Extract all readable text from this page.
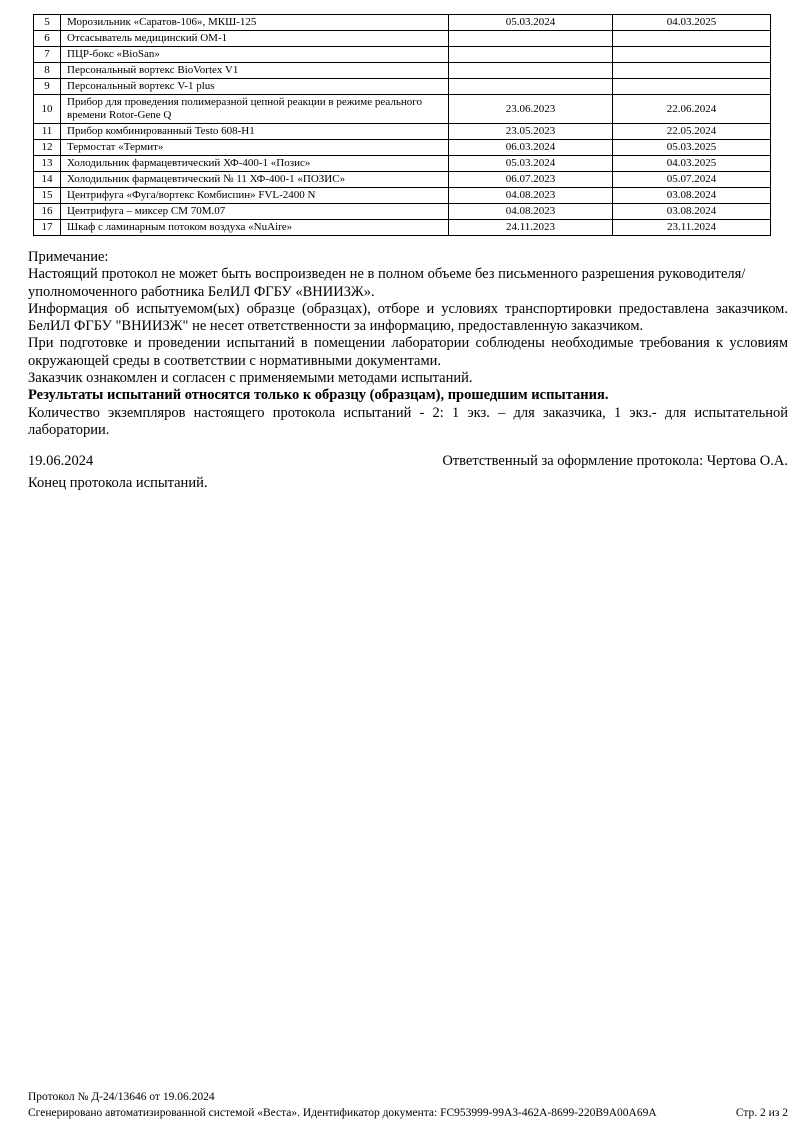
5	Морозильник «Саратов-106», МКШ-125	05.03.2024	04.03.2025
6	Отсасыватель медицинский ОМ-1		
7	ПЦР-бокс «BioSan»		
8	Персональный вортекс BioVortex V1		
9	Персональный вортекс V-1 plus		
10	Прибор для проведения полимеразной цепной реакции в режиме реального времени Rotor-Gene Q	23.06.2023	22.06.2024
11	Прибор комбинированный Testo 608-H1	23.05.2023	22.05.2024
12	Термостат «Термит»	06.03.2024	05.03.2025
13	Холодильник фармацевтический ХФ-400-1 «Позис»	05.03.2024	04.03.2025
14	Холодильник фармацевтический № 11 ХФ-400-1 «ПОЗИС»	06.07.2023	05.07.2024
15	Центрифуга «Фуга/вортекс Комбиспин» FVL-2400 N	04.08.2023	03.08.2024
16	Центрифуга – миксер СМ 70М.07	04.08.2023	03.08.2024
17	Шкаф с ламинарным потоком воздуха «NuAire»	24.11.2023	23.11.2024

Примечание:

Настоящий протокол не может быть воспроизведен не в полном объеме без письменного разрешения руководителя/уполномоченного работника БелИЛ ФГБУ «ВНИИЗЖ».

Информация об испытуемом(ых) образце (образцах), отборе и условиях транспортировки предоставлена заказчиком. БелИЛ ФГБУ "ВНИИЗЖ" не несет ответственности за информацию, предоставленную заказчиком.

При подготовке и проведении испытаний в помещении лаборатории соблюдены необходимые требования к условиям окружающей среды в соответствии с нормативными документами.

Заказчик ознакомлен и согласен с применяемыми методами испытаний.

Результаты испытаний относятся только к образцу (образцам), прошедшим испытания.

Количество экземпляров настоящего протокола испытаний - 2: 1 экз. – для заказчика, 1 экз.- для испытательной лаборатории.

19.06.2024	Ответственный за оформление протокола: Чертова О.А.

Конец протокола испытаний.

Протокол № Д-24/13646 от 19.06.2024
Сгенерировано автоматизированной системой «Веста». Идентификатор документа: FC953999-99A3-462A-8699-220B9A00A69A	Стр. 2 из 2
